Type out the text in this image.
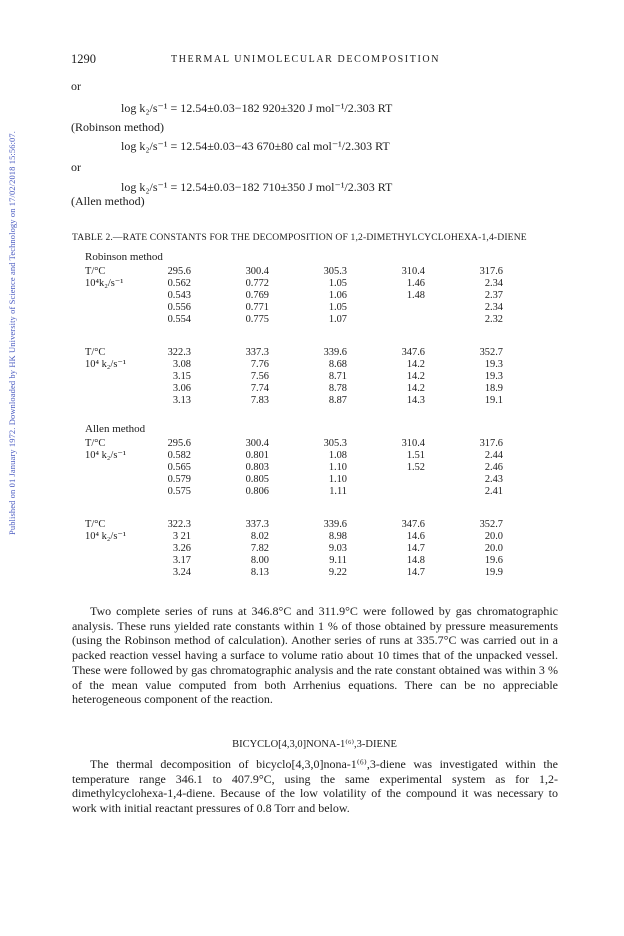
Published on 01 January 1972. Downloaded by HK University of Science and Technology on 17/02/2018 15:56:07.
1290	THERMAL UNIMOLECULAR DECOMPOSITION
or
log k₂/s⁻¹ = 12.54±0.03−182 920±320 J mol⁻¹/2.303 RT
(Robinson method)
log k₂/s⁻¹ = 12.54±0.03−43 670±80 cal mol⁻¹/2.303 RT
or
log k₂/s⁻¹ = 12.54±0.03−182 710±350 J mol⁻¹/2.303 RT
(Allen method)
TABLE 2.—RATE CONSTANTS FOR THE DECOMPOSITION OF 1,2-DIMETHYLCYCLOHEXA-1,4-DIENE
Robinson method
T/°C	295.6	300.4	305.3	310.4	317.6
10⁴k₂/s⁻¹	0.562	0.772	1.05	1.46	2.34
	0.543	0.769	1.06	1.48	2.37
	0.556	0.771	1.05		2.34
	0.554	0.775	1.07		2.32
T/°C	322.3	337.3	339.6	347.6	352.7
10⁴ k₂/s⁻¹	3.08	7.76	8.68	14.2	19.3
	3.15	7.56	8.71	14.2	19.3
	3.06	7.74	8.78	14.2	18.9
	3.13	7.83	8.87	14.3	19.1
Allen method
T/°C	295.6	300.4	305.3	310.4	317.6
10⁴ k₂/s⁻¹	0.582	0.801	1.08	1.51	2.44
	0.565	0.803	1.10	1.52	2.46
	0.579	0.805	1.10		2.43
	0.575	0.806	1.11		2.41
T/°C	322.3	337.3	339.6	347.6	352.7
10⁴ k₂/s⁻¹	3 21	8.02	8.98	14.6	20.0
	3.26	7.82	9.03	14.7	20.0
	3.17	8.00	9.11	14.8	19.6
	3.24	8.13	9.22	14.7	19.9
Two complete series of runs at 346.8°C and 311.9°C were followed by gas chromatographic analysis. These runs yielded rate constants within 1 % of those obtained by pressure measurements (using the Robinson method of calculation). Another series of runs at 335.7°C was carried out in a packed reaction vessel having a surface to volume ratio about 10 times that of the unpacked vessel. These were followed by gas chromatographic analysis and the rate constant obtained was within 3 % of the mean value computed from both Arrhenius equations. There can be no appreciable heterogeneous component of the reaction.
BICYCLO[4,3,0]NONA-1⁽⁶⁾,3-DIENE
The thermal decomposition of bicyclo[4,3,0]nona-1⁽⁶⁾,3-diene was investigated within the temperature range 346.1 to 407.9°C, using the same experimental system as for 1,2-dimethylcyclohexa-1,4-diene. Because of the low volatility of the compound it was necessary to work with initial reactant pressures of 0.8 Torr and below.
